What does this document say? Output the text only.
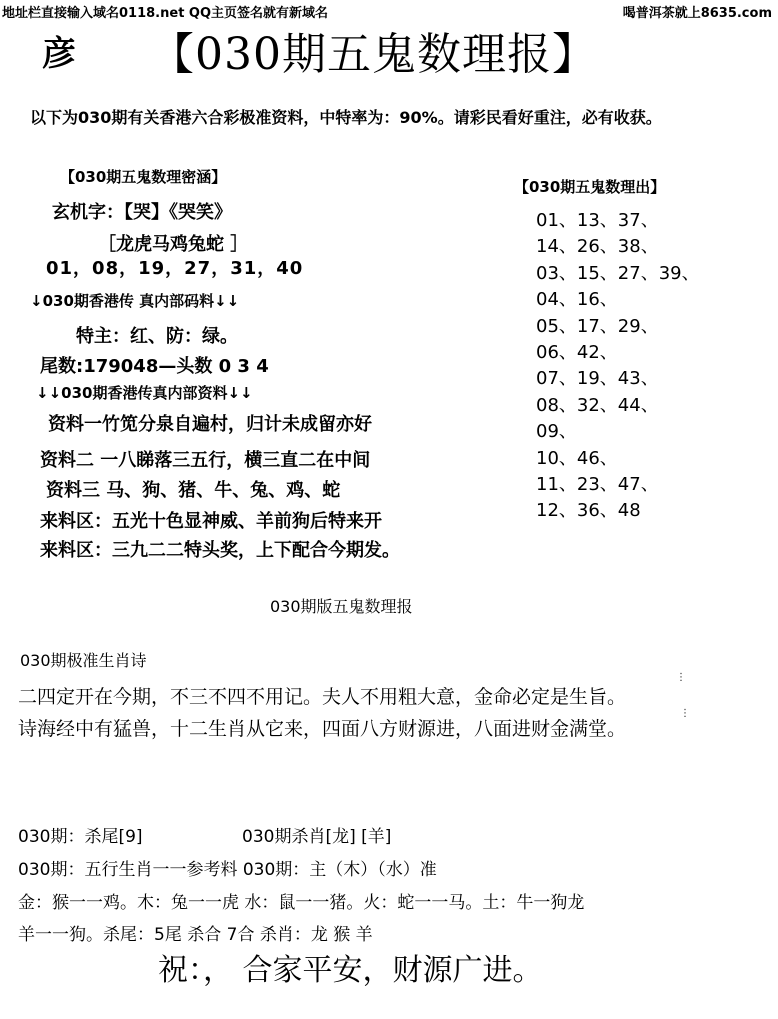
地址栏直接输入域名0118.net QQ主页签名就有新域名	喝普洱茶就上8635.com
彦 【030期五鬼数理报】
以下为030期有关香港六合彩极准资料，中特率为：90%。请彩民看好重注，必有收获。
【030期五鬼数理密涵】
玄机字：【哭】《哭笑》
［龙虎马鸡兔蛇 ］
01，08，19，27，31，40
↓030期香港传 真内部码料↓↓
特主：红、防：绿。
尾数:179048—头数 0 3 4
↓↓030期香港传真内部资料↓↓
资料一竹笕分泉自遍村，归计未成留亦好
资料二 一八睇落三五行，横三直二在中间
资料三 马、狗、猪、牛、兔、鸡、蛇
来料区：五光十色显神威、羊前狗后特来开
来料区：三九二二特头奖，上下配合今期发。
【030期五鬼数理出】
01、13、37、
14、26、38、
03、15、27、39、
04、16、
05、17、29、
06、42、
07、19、43、
08、32、44、
09、
10、46、
11、23、47、
12、36、48
030期版五鬼数理报
030期极准生肖诗
二四定开在今期，不三不四不用记。夫人不用粗大意，金命必定是生旨。
诗海经中有猛兽，十二生肖从它来，四面八方财源进，八面进财金满堂。
⋮
⋮
030期：杀尾[9]	030期杀肖[龙] [羊]
030期：五行生肖一一参考料 030期：主（木）（水）准
金：猴一一鸡。木：兔一一虎 水：鼠一一猪。火：蛇一一马。土：牛一狗龙
羊一一狗。杀尾：5尾 杀合 7合 杀肖：龙 猴 羊
祝：， 合家平安，财源广进。
